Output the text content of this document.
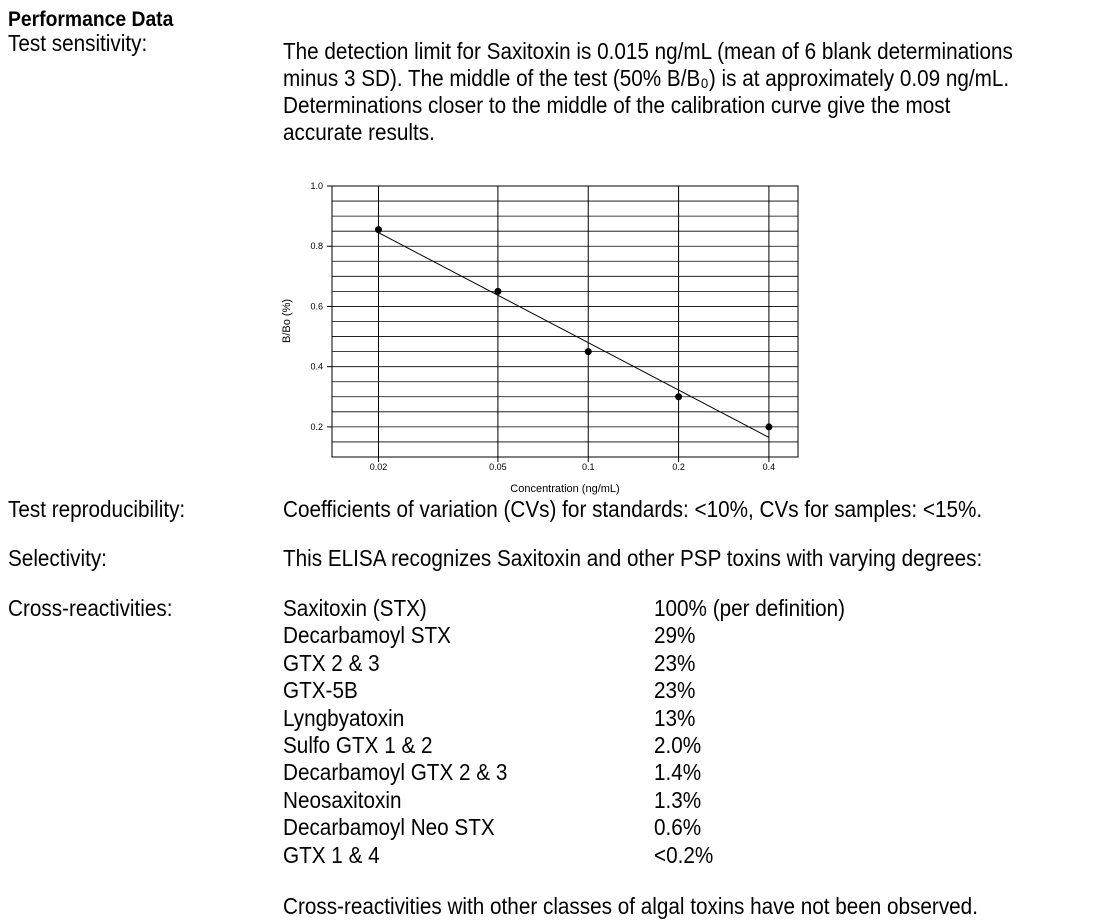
Performance Data
Test sensitivity:	The detection limit for Saxitoxin is 0.015 ng/mL (mean of 6 blank determinations
minus 3 SD). The middle of the test (50% B/B₀) is at approximately 0.09 ng/mL.
Determinations closer to the middle of the calibration curve give the most
accurate results.
1.0
0.8
0.6
0.4
0.2
0.02	0.05	0.1	0.2	0.4
Concentration (ng/mL)
B/Bo (%)
Test reproducibility:	Coefficients of variation (CVs) for standards: <10%, CVs for samples: <15%.
Selectivity:	This ELISA recognizes Saxitoxin and other PSP toxins with varying degrees:
Cross-reactivities:	Saxitoxin (STX)	100% (per definition)
Decarbamoyl STX	29%
GTX 2 & 3	23%
GTX-5B	23%
Lyngbyatoxin	13%
Sulfo GTX 1 & 2	2.0%
Decarbamoyl GTX 2 & 3	1.4%
Neosaxitoxin	1.3%
Decarbamoyl Neo STX	0.6%
GTX 1 & 4	<0.2%
Cross-reactivities with other classes of algal toxins have not been observed.
